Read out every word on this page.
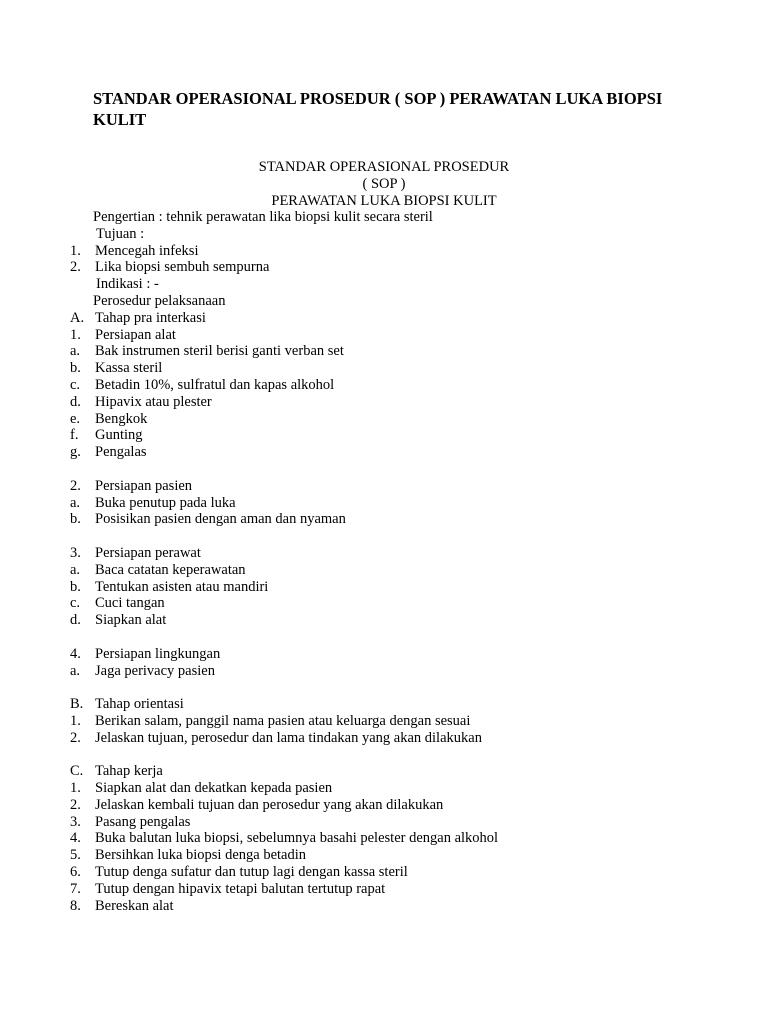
STANDAR OPERASIONAL PROSEDUR ( SOP ) PERAWATAN LUKA BIOPSI KULIT
STANDAR OPERASIONAL PROSEDUR
( SOP )
PERAWATAN LUKA BIOPSI KULIT
Pengertian : tehnik perawatan lika biopsi kulit secara steril
Tujuan :
1. Mencegah infeksi
2. Lika biopsi sembuh sempurna
Indikasi : -
Perosedur pelaksanaan
A. Tahap pra interkasi
1. Persiapan alat
a. Bak instrumen steril berisi ganti verban set
b. Kassa steril
c. Betadin 10%, sulfratul dan kapas alkohol
d. Hipavix atau plester
e. Bengkok
f. Gunting
g. Pengalas
2. Persiapan pasien
a. Buka penutup pada luka
b. Posisikan pasien dengan aman dan nyaman
3. Persiapan perawat
a. Baca catatan keperawatan
b. Tentukan asisten atau mandiri
c. Cuci tangan
d. Siapkan alat
4. Persiapan lingkungan
a. Jaga perivacy pasien
B. Tahap orientasi
1. Berikan salam, panggil nama pasien atau keluarga dengan sesuai
2. Jelaskan tujuan, perosedur dan lama tindakan yang akan dilakukan
C. Tahap kerja
1. Siapkan alat dan dekatkan kepada pasien
2. Jelaskan kembali tujuan dan perosedur yang akan dilakukan
3. Pasang pengalas
4. Buka balutan luka biopsi, sebelumnya basahi pelester dengan alkohol
5. Bersihkan luka biopsi denga betadin
6. Tutup denga sufatur dan tutup lagi dengan kassa steril
7. Tutup dengan hipavix tetapi balutan tertutup rapat
8. Bereskan alat
